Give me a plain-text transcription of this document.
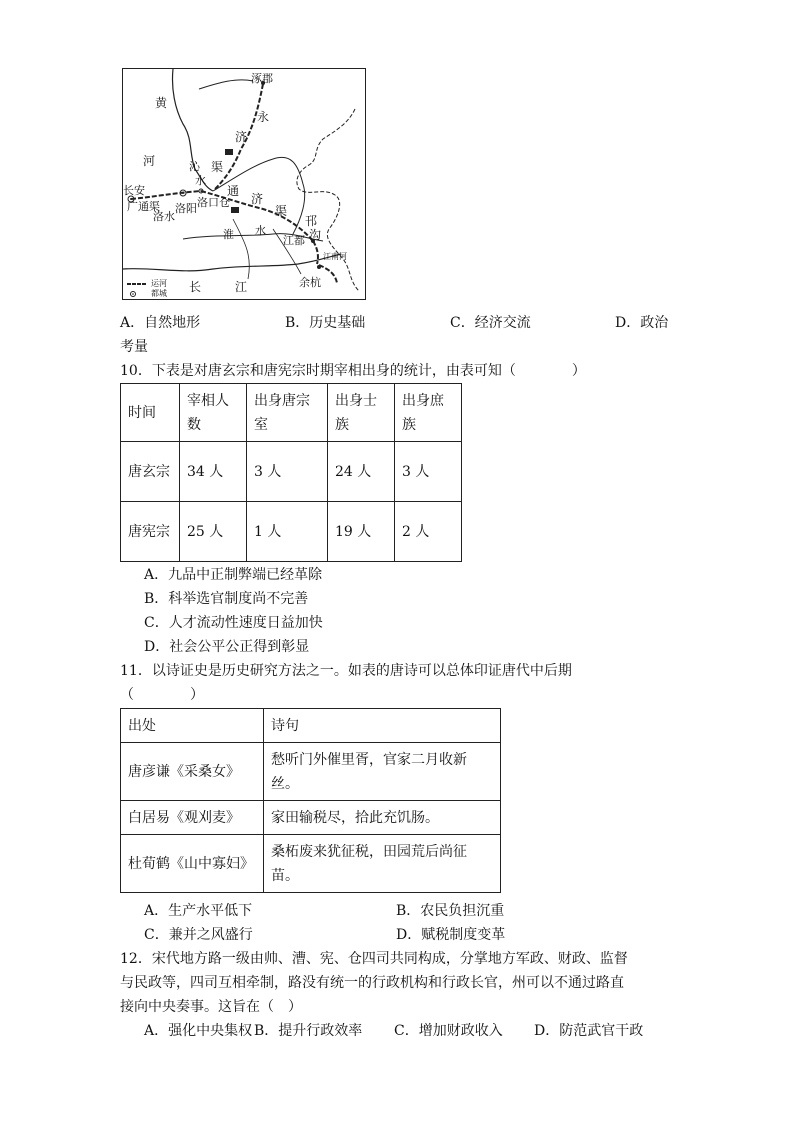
涿郡
黄
河
永
济
沁 渠
水
长安
广通渠
洛水
洛阳 洛口仓
通
济
渠
邗
沟
淮 水
江都
江南河
余杭
长	江
运河
都城
A．自然地形	B．历史基础	C．经济交流	D．政治
考量
10．下表是对唐玄宗和唐宪宗时期宰相出身的统计，由表可知（　　　　）
时间	宰相人数	出身唐宗室	出身士族	出身庶族
唐玄宗	34 人	3 人	24 人	3 人
唐宪宗	25 人	1 人	19 人	2 人
A．九品中正制弊端已经革除
B．科举选官制度尚不完善
C．人才流动性速度日益加快
D．社会公平公正得到彰显
11．以诗证史是历史研究方法之一。如表的唐诗可以总体印证唐代中后期
（　　　　）
出处	诗句
唐彦谦《采桑女》	愁听门外催里胥，官家二月收新丝。
白居易《观刈麦》	家田输税尽，拾此充饥肠。
杜荀鹤《山中寡妇》	桑柘废来犹征税，田园荒后尚征苗。
A．生产水平低下	B．农民负担沉重
C．兼并之风盛行	D．赋税制度变革
12．宋代地方路一级由帅、漕、宪、仓四司共同构成，分掌地方军政、财政、监督
与民政等，四司互相牵制，路没有统一的行政机构和行政长官，州可以不通过路直
接向中央奏事。这旨在（　）
A．强化中央集权 B．提升行政效率 C．增加财政收入 D．防范武官干政
